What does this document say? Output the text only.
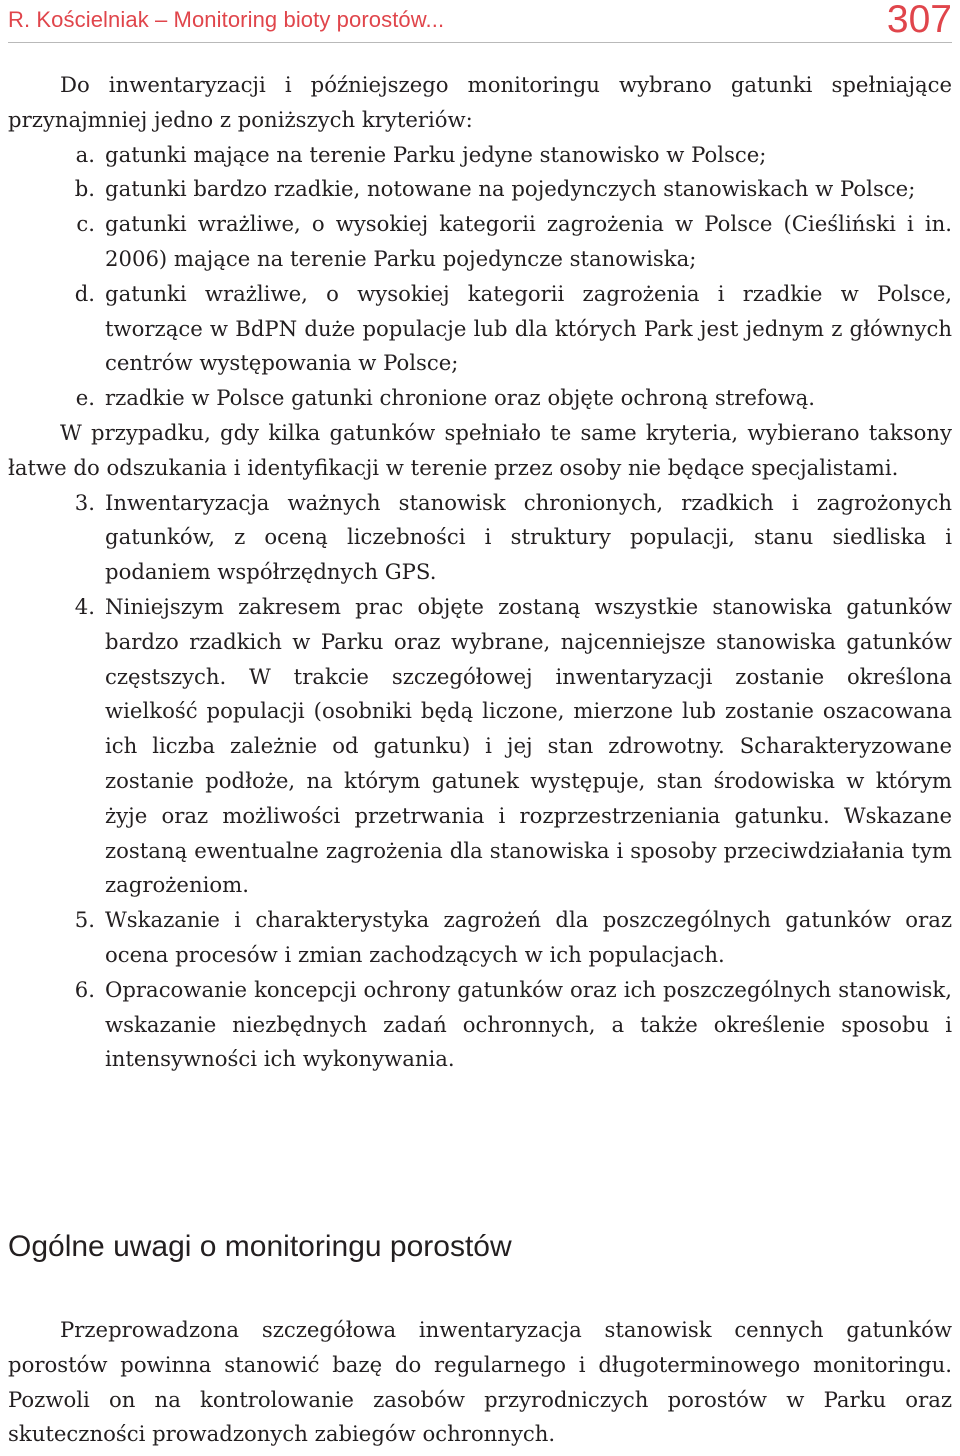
R. Kościelniak – Monitoring bioty porostów...	307

Do inwentaryzacji i późniejszego monitoringu wybrano gatunki spełniające przynajmniej jedno z poniższych kryteriów:

a. gatunki mające na terenie Parku jedyne stanowisko w Polsce;
b. gatunki bardzo rzadkie, notowane na pojedynczych stanowiskach w Polsce;
c. gatunki wrażliwe, o wysokiej kategorii zagrożenia w Polsce (Cieśliński i in. 2006) mające na terenie Parku pojedyncze stanowiska;
d. gatunki wrażliwe, o wysokiej kategorii zagrożenia i rzadkie w Polsce, tworzące w BdPN duże populacje lub dla których Park jest jednym z głównych centrów występowania w Polsce;
e. rzadkie w Polsce gatunki chronione oraz objęte ochroną strefową.

W przypadku, gdy kilka gatunków spełniało te same kryteria, wybierano taksony łatwe do odszukania i identyfikacji w terenie przez osoby nie będące specjalistami.

3. Inwentaryzacja ważnych stanowisk chronionych, rzadkich i zagrożonych gatunków, z oceną liczebności i struktury populacji, stanu siedliska i podaniem współrzędnych GPS.
4. Niniejszym zakresem prac objęte zostaną wszystkie stanowiska gatunków bardzo rzadkich w Parku oraz wybrane, najcenniejsze stanowiska gatunków częstszych. W trakcie szczegółowej inwentaryzacji zostanie określona wielkość populacji (osobniki będą liczone, mierzone lub zostanie oszacowana ich liczba zależnie od gatunku) i jej stan zdrowotny. Scharakteryzowane zostanie podłoże, na którym gatunek występuje, stan środowiska w którym żyje oraz możliwości przetrwania i rozprzestrzeniania gatunku. Wskazane zostaną ewentualne zagrożenia dla stanowiska i sposoby przeciwdziałania tym zagrożeniom.
5. Wskazanie i charakterystyka zagrożeń dla poszczególnych gatunków oraz ocena procesów i zmian zachodzących w ich populacjach.
6. Opracowanie koncepcji ochrony gatunków oraz ich poszczególnych stanowisk, wskazanie niezbędnych zadań ochronnych, a także określenie sposobu i intensywności ich wykonywania.
Ogólne uwagi o monitoringu porostów

Przeprowadzona szczegółowa inwentaryzacja stanowisk cennych gatunków porostów powinna stanowić bazę do regularnego i długoterminowego monitoringu. Pozwoli on na kontrolowanie zasobów przyrodniczych porostów w Parku oraz skuteczności prowadzonych zabiegów ochronnych.
